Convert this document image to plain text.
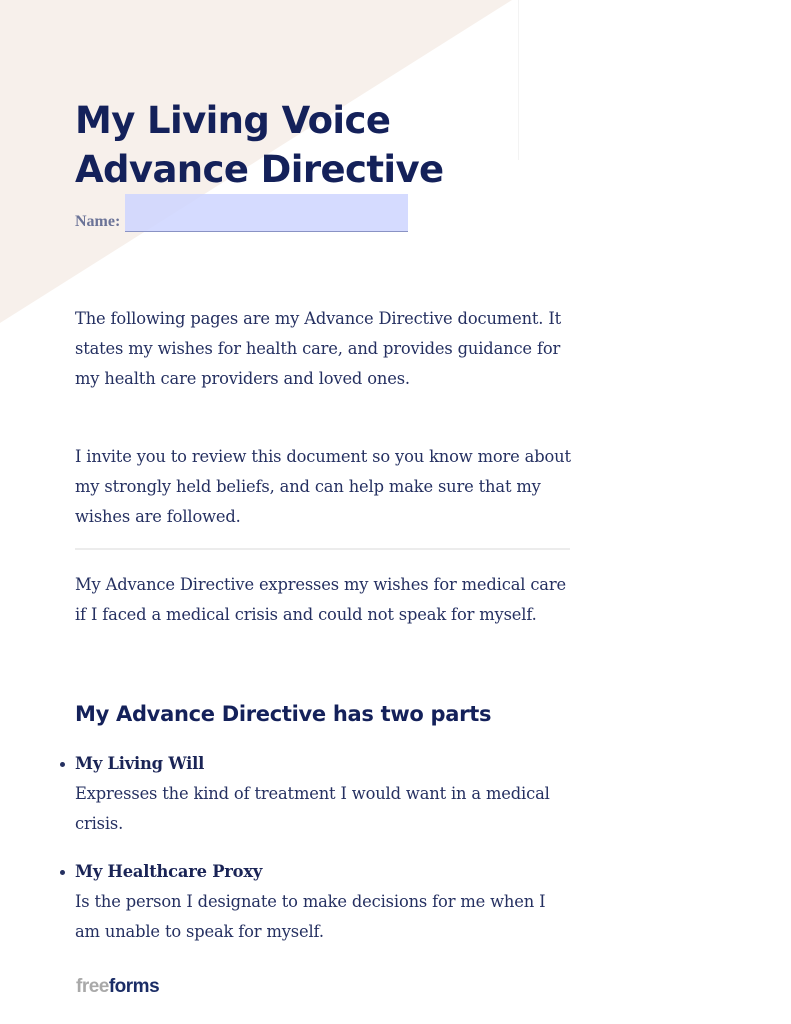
My Living Voice
Advance Directive
Name:

The following pages are my Advance Directive document. It states my wishes for health care, and provides guidance for my health care providers and loved ones.

I invite you to review this document so you know more about my strongly held beliefs, and can help make sure that my wishes are followed.

My Advance Directive expresses my wishes for medical care if I faced a medical crisis and could not speak for myself.

My Advance Directive has two parts
My Living Will
Expresses the kind of treatment I would want in a medical crisis.
My Healthcare Proxy
Is the person I designate to make decisions for me when I am unable to speak for myself.
freeforms
